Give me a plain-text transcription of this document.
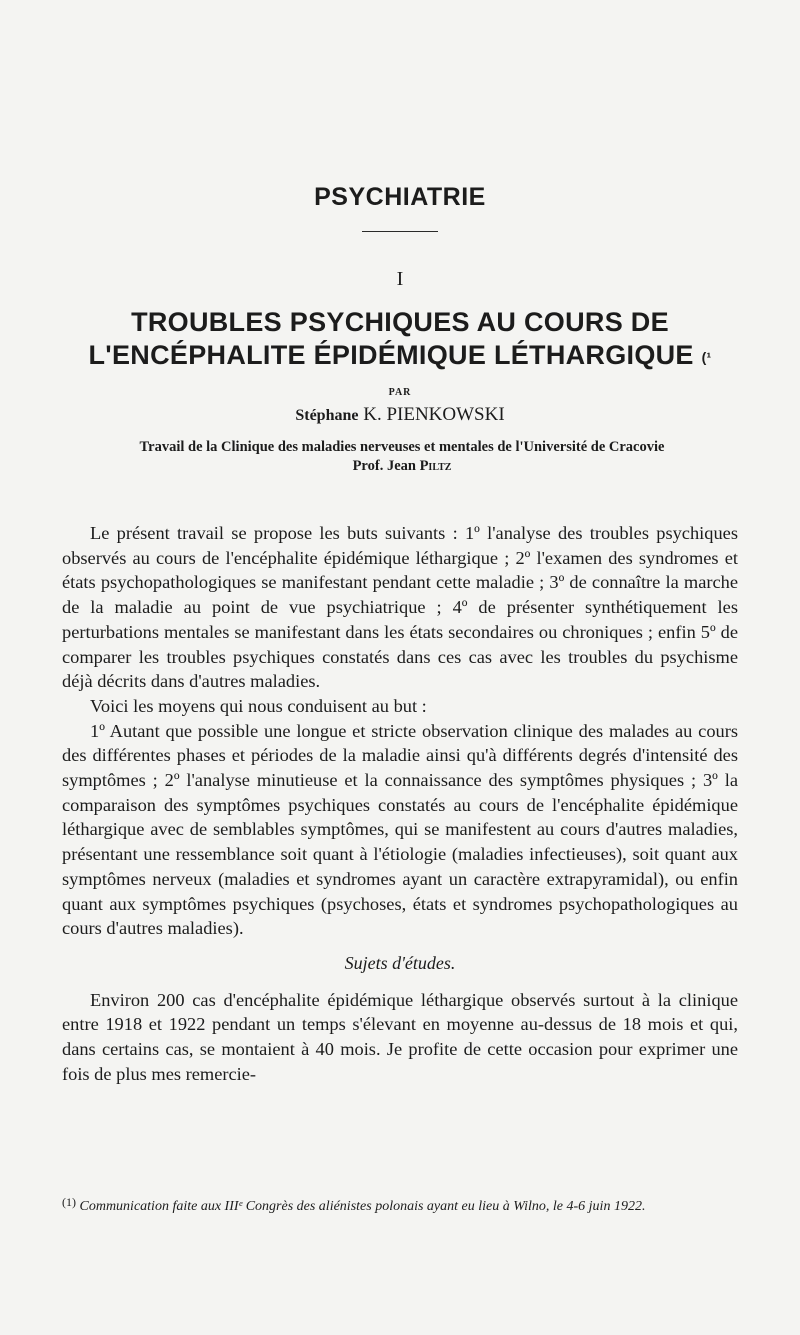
PSYCHIATRIE
I
TROUBLES PSYCHIQUES AU COURS DE
L'ENCÉPHALITE ÉPIDÉMIQUE LÉTHARGIQUE (¹
PAR
Stéphane K. PIENKOWSKI
Travail de la Clinique des maladies nerveuses et mentales de l'Université de Cracovie
Prof. Jean Piltz

Le présent travail se propose les buts suivants : 1º l'analyse des troubles psychiques observés au cours de l'encéphalite épidémique léthargique ; 2º l'examen des syndromes et états psychopathologiques se manifestant pendant cette maladie ; 3º de connaître la marche de la maladie au point de vue psychiatrique ; 4º de présenter synthétiquement les perturbations mentales se manifestant dans les états secondaires ou chroniques ; enfin 5º de comparer les troubles psychiques constatés dans ces cas avec les troubles du psychisme déjà décrits dans d'autres maladies.

Voici les moyens qui nous conduisent au but :

1º Autant que possible une longue et stricte observation clinique des malades au cours des différentes phases et périodes de la maladie ainsi qu'à différents degrés d'intensité des symptômes ; 2º l'analyse minutieuse et la connaissance des symptômes physiques ; 3º la comparaison des symptômes psychiques constatés au cours de l'encéphalite épidémique léthargique avec de semblables symptômes, qui se manifestent au cours d'autres maladies, présentant une ressemblance soit quant à l'étiologie (maladies infectieuses), soit quant aux symptômes nerveux (maladies et syndromes ayant un caractère extrapyramidal), ou enfin quant aux symptômes psychiques (psychoses, états et syndromes psychopathologiques au cours d'autres maladies).

Sujets d'études.

Environ 200 cas d'encéphalite épidémique léthargique observés surtout à la clinique entre 1918 et 1922 pendant un temps s'élevant en moyenne au-dessus de 18 mois et qui, dans certains cas, se montaient à 40 mois. Je profite de cette occasion pour exprimer une fois de plus mes remercie-

(1) Communication faite aux IIIᵉ Congrès des aliénistes polonais ayant eu lieu à Wilno, le 4-6 juin 1922.
